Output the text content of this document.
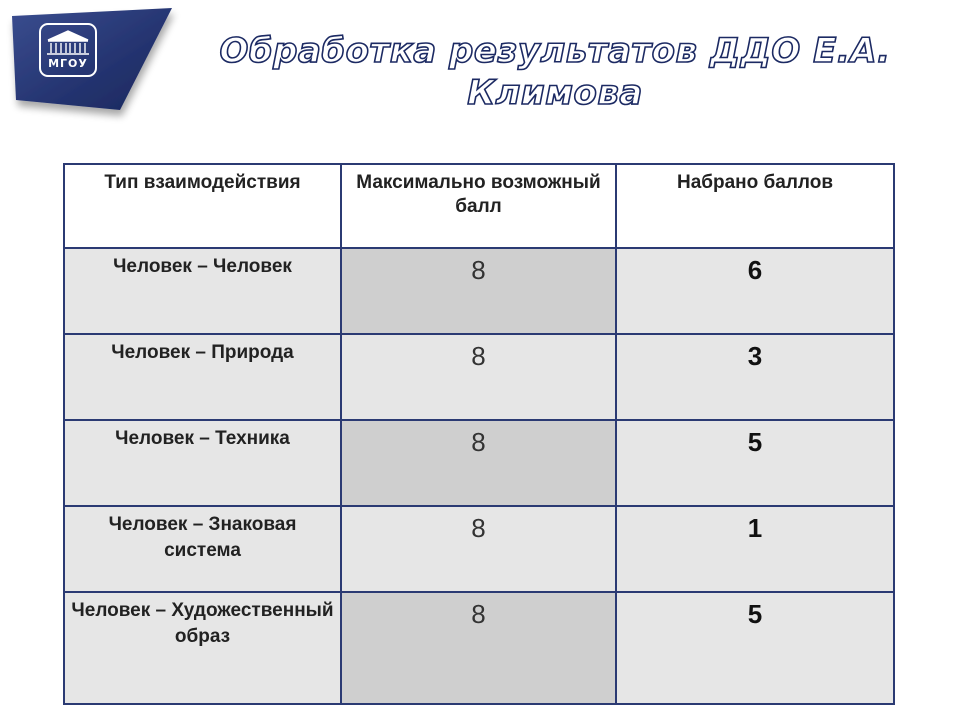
МГОУ	Обработка результатов ДДО Е.А. Климова
Тип взаимодействия	Максимально возможный балл	Набрано баллов
Человек – Человек	8	6
Человек – Природа	8	3
Человек – Техника	8	5
Человек – Знаковая система	8	1
Человек – Художественный образ	8	5
